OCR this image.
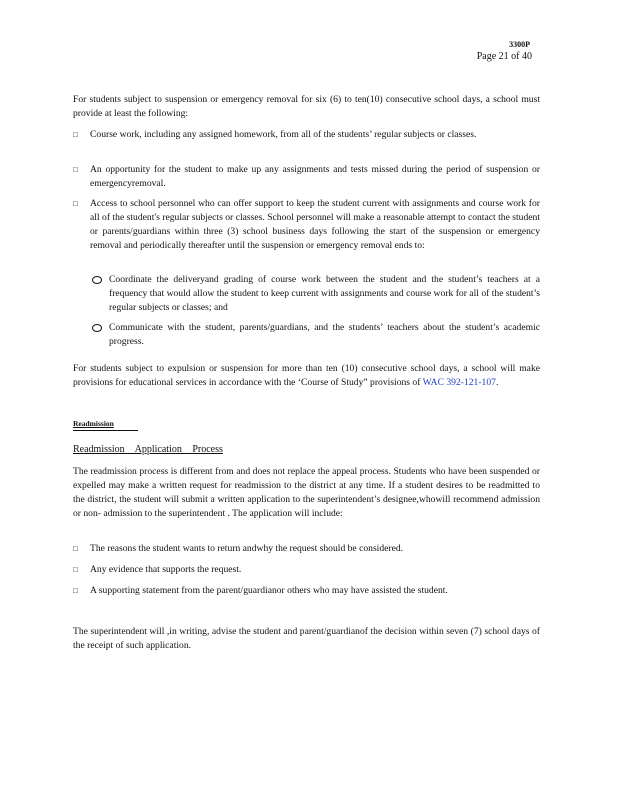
3300P
Page 21 of 40
For students subject to suspension or emergency removal for six (6) to ten(10) consecutive school days, a school must provide at least the following:
□	Course work, including any assigned homework, from all of the students’ regular subjects or classes.
□	An opportunity for the student to make up any assignments and tests missed during the period of suspension or emergencyremoval.
□	Access to school personnel who can offer support to keep the student current with assignments and course work for all of the student's regular subjects or classes. School personnel will make a reasonable attempt to contact the student or parents/guardians within three (3) school business days following the start of the suspension or emergency removal and periodically thereafter until the suspension or emergency removal ends to:
Coordinate the deliveryand grading of course work between the student and the student’s teachers at a frequency that would allow the student to keep current with assignments and course work for all of the student’s regular subjects or classes; and
Communicate with the student, parents/guardians, and the students’ teachers about the student’s academic progress.
For students subject to expulsion or suspension for more than ten (10) consecutive school days, a school will make provisions for educational services in accordance with the ‘Course of Study” provisions of WAC 392-121-107.
Readmission
Readmission Application Process
The readmission process is different from and does not replace the appeal process. Students who have been suspended or expelled may make a written request for readmission to the district at any time. If a student desires to be readmitted to the district, the student will submit a written application to the superintendent’s designee,whowill recommend admission or non- admission to the superintendent . The application will include:
□	The reasons the student wants to return andwhy the request should be considered.
□	Any evidence that supports the request.
□	A supporting statement from the parent/guardianor others who may have assisted the student.
The superintendent will ,in writing, advise the student and parent/guardianof the decision within seven (7) school days of the receipt of such application.
